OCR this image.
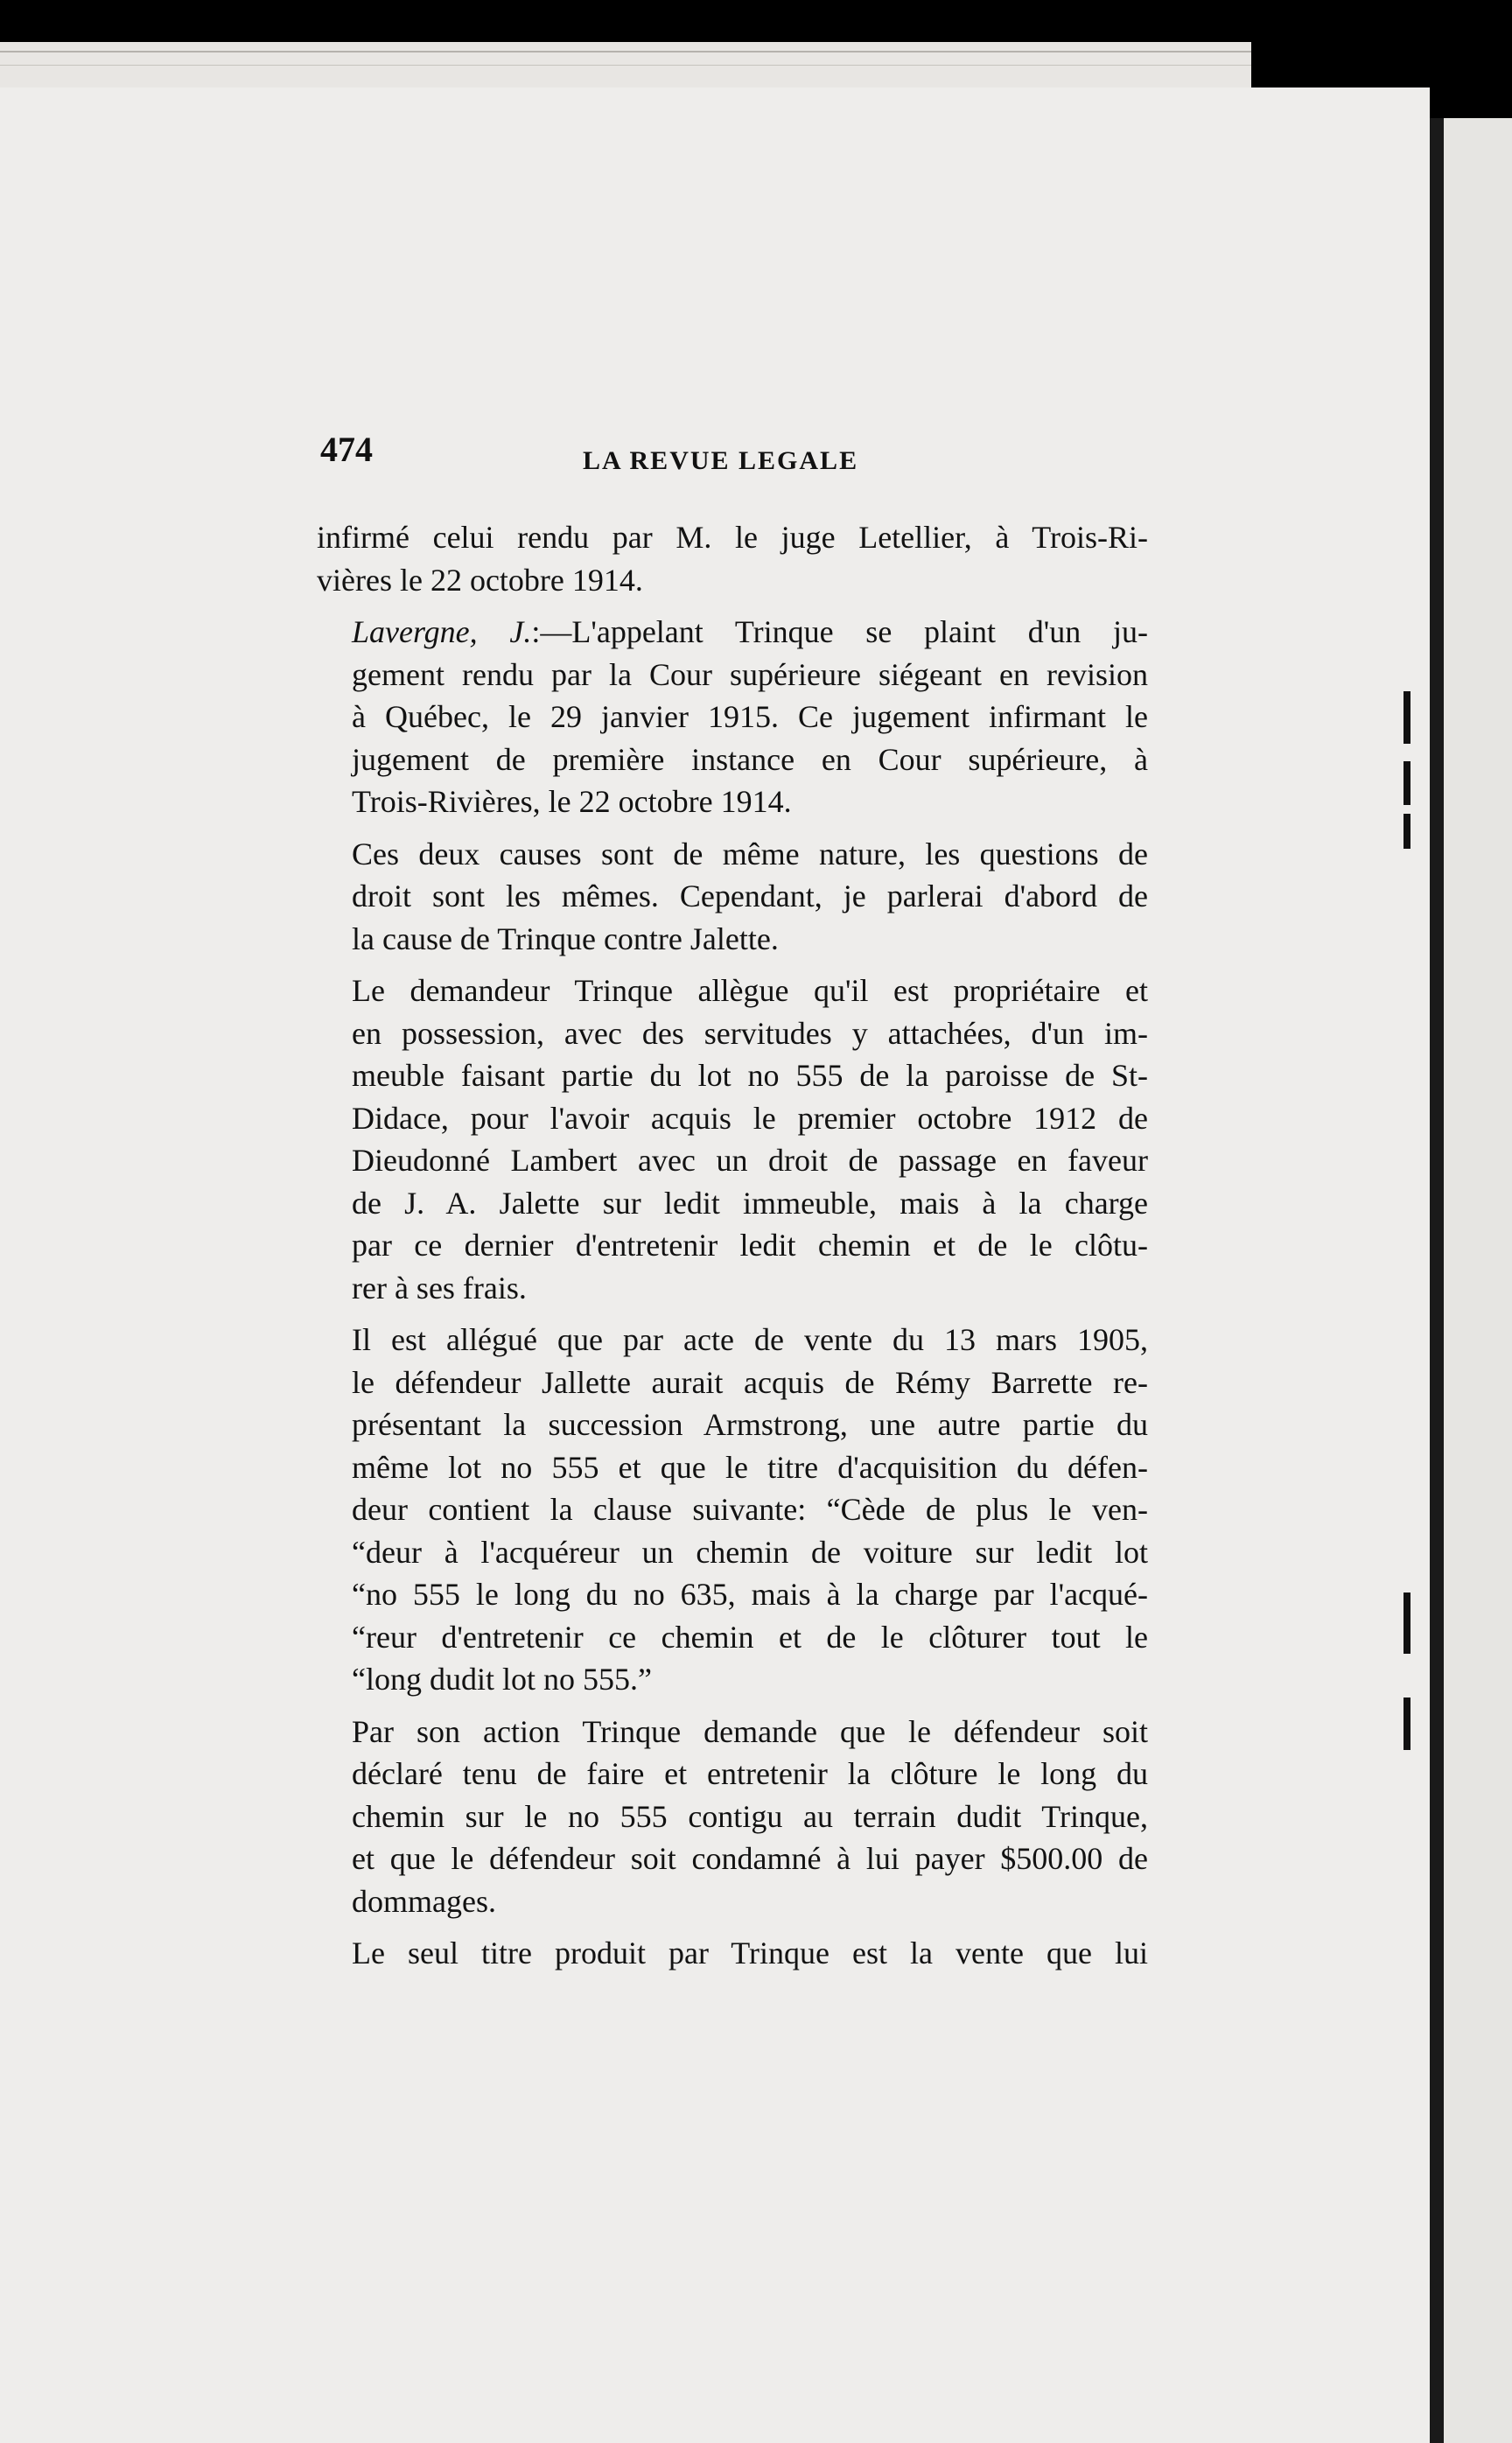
474	LA REVUE LEGALE
infirmé celui rendu par M. le juge Letellier, à Trois-Ri-
vières le 22 octobre 1914.
Lavergne, J.:—L'appelant Trinque se plaint d'un ju-
gement rendu par la Cour supérieure siégeant en revision
à Québec, le 29 janvier 1915. Ce jugement infirmant le
jugement de première instance en Cour supérieure, à
Trois-Rivières, le 22 octobre 1914.
Ces deux causes sont de même nature, les questions de
droit sont les mêmes. Cependant, je parlerai d'abord de
la cause de Trinque contre Jalette.
Le demandeur Trinque allègue qu'il est propriétaire et
en possession, avec des servitudes y attachées, d'un im-
meuble faisant partie du lot no 555 de la paroisse de St-
Didace, pour l'avoir acquis le premier octobre 1912 de
Dieudonné Lambert avec un droit de passage en faveur
de J. A. Jalette sur ledit immeuble, mais à la charge
par ce dernier d'entretenir ledit chemin et de le clôtu-
rer à ses frais.
Il est allégué que par acte de vente du 13 mars 1905,
le défendeur Jallette aurait acquis de Rémy Barrette re-
présentant la succession Armstrong, une autre partie du
même lot no 555 et que le titre d'acquisition du défen-
deur contient la clause suivante: “Cède de plus le ven-
“deur à l'acquéreur un chemin de voiture sur ledit lot
“no 555 le long du no 635, mais à la charge par l'acqué-
“reur d'entretenir ce chemin et de le clôturer tout le
“long dudit lot no 555.”
Par son action Trinque demande que le défendeur soit
déclaré tenu de faire et entretenir la clôture le long du
chemin sur le no 555 contigu au terrain dudit Trinque,
et que le défendeur soit condamné à lui payer $500.00 de
dommages.
Le seul titre produit par Trinque est la vente que lui
